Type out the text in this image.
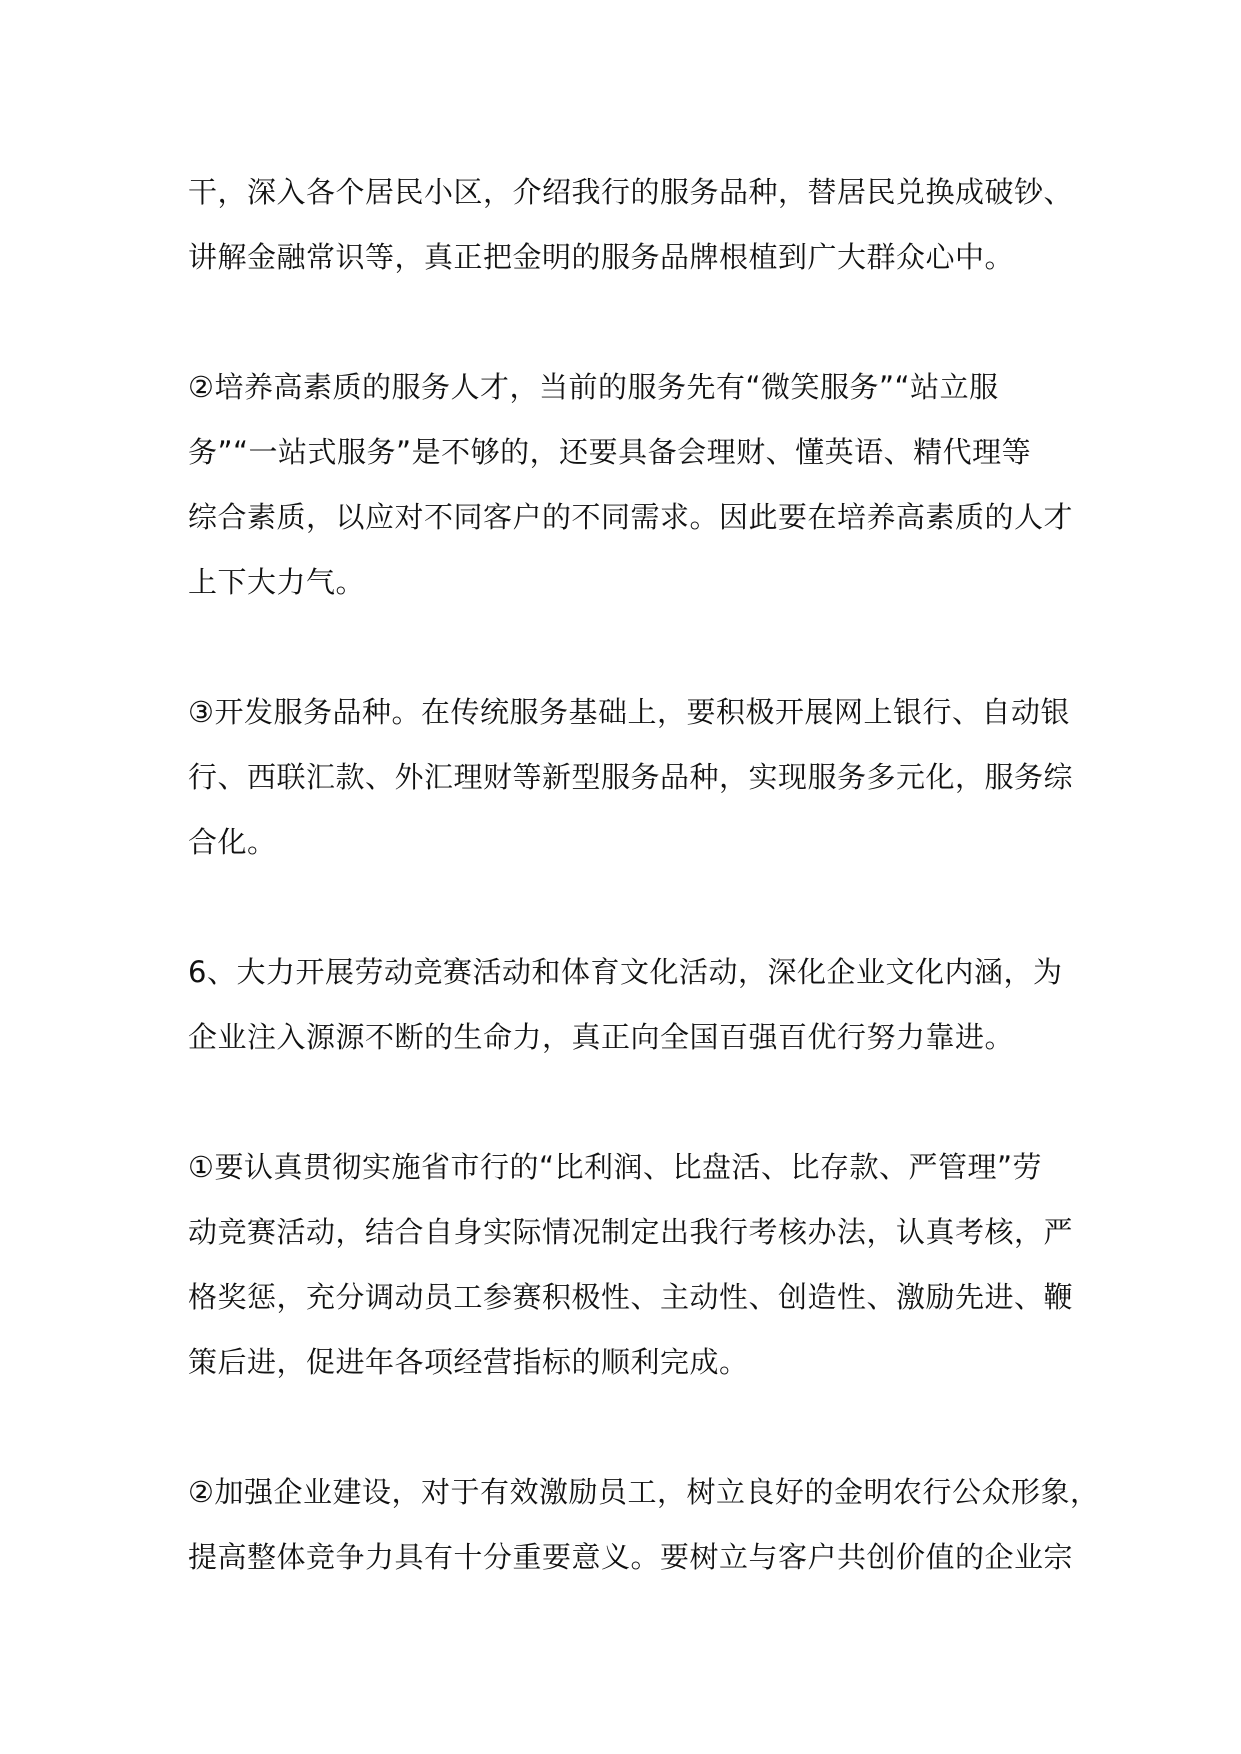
干，深入各个居民小区，介绍我行的服务品种，替居民兑换成破钞、
讲解金融常识等，真正把金明的服务品牌根植到广大群众心中。

②培养高素质的服务人才，当前的服务先有“微笑服务”“站立服
务”“一站式服务”是不够的，还要具备会理财、懂英语、精代理等
综合素质，以应对不同客户的不同需求。因此要在培养高素质的人才
上下大力气。

③开发服务品种。在传统服务基础上，要积极开展网上银行、自动银
行、西联汇款、外汇理财等新型服务品种，实现服务多元化，服务综
合化。

6、大力开展劳动竞赛活动和体育文化活动，深化企业文化内涵，为
企业注入源源不断的生命力，真正向全国百强百优行努力靠进。

①要认真贯彻实施省市行的“比利润、比盘活、比存款、严管理”劳
动竞赛活动，结合自身实际情况制定出我行考核办法，认真考核，严
格奖惩，充分调动员工参赛积极性、主动性、创造性、激励先进、鞭
策后进，促进年各项经营指标的顺利完成。

②加强企业建设，对于有效激励员工，树立良好的金明农行公众形象，
提高整体竞争力具有十分重要意义。要树立与客户共创价值的企业宗
